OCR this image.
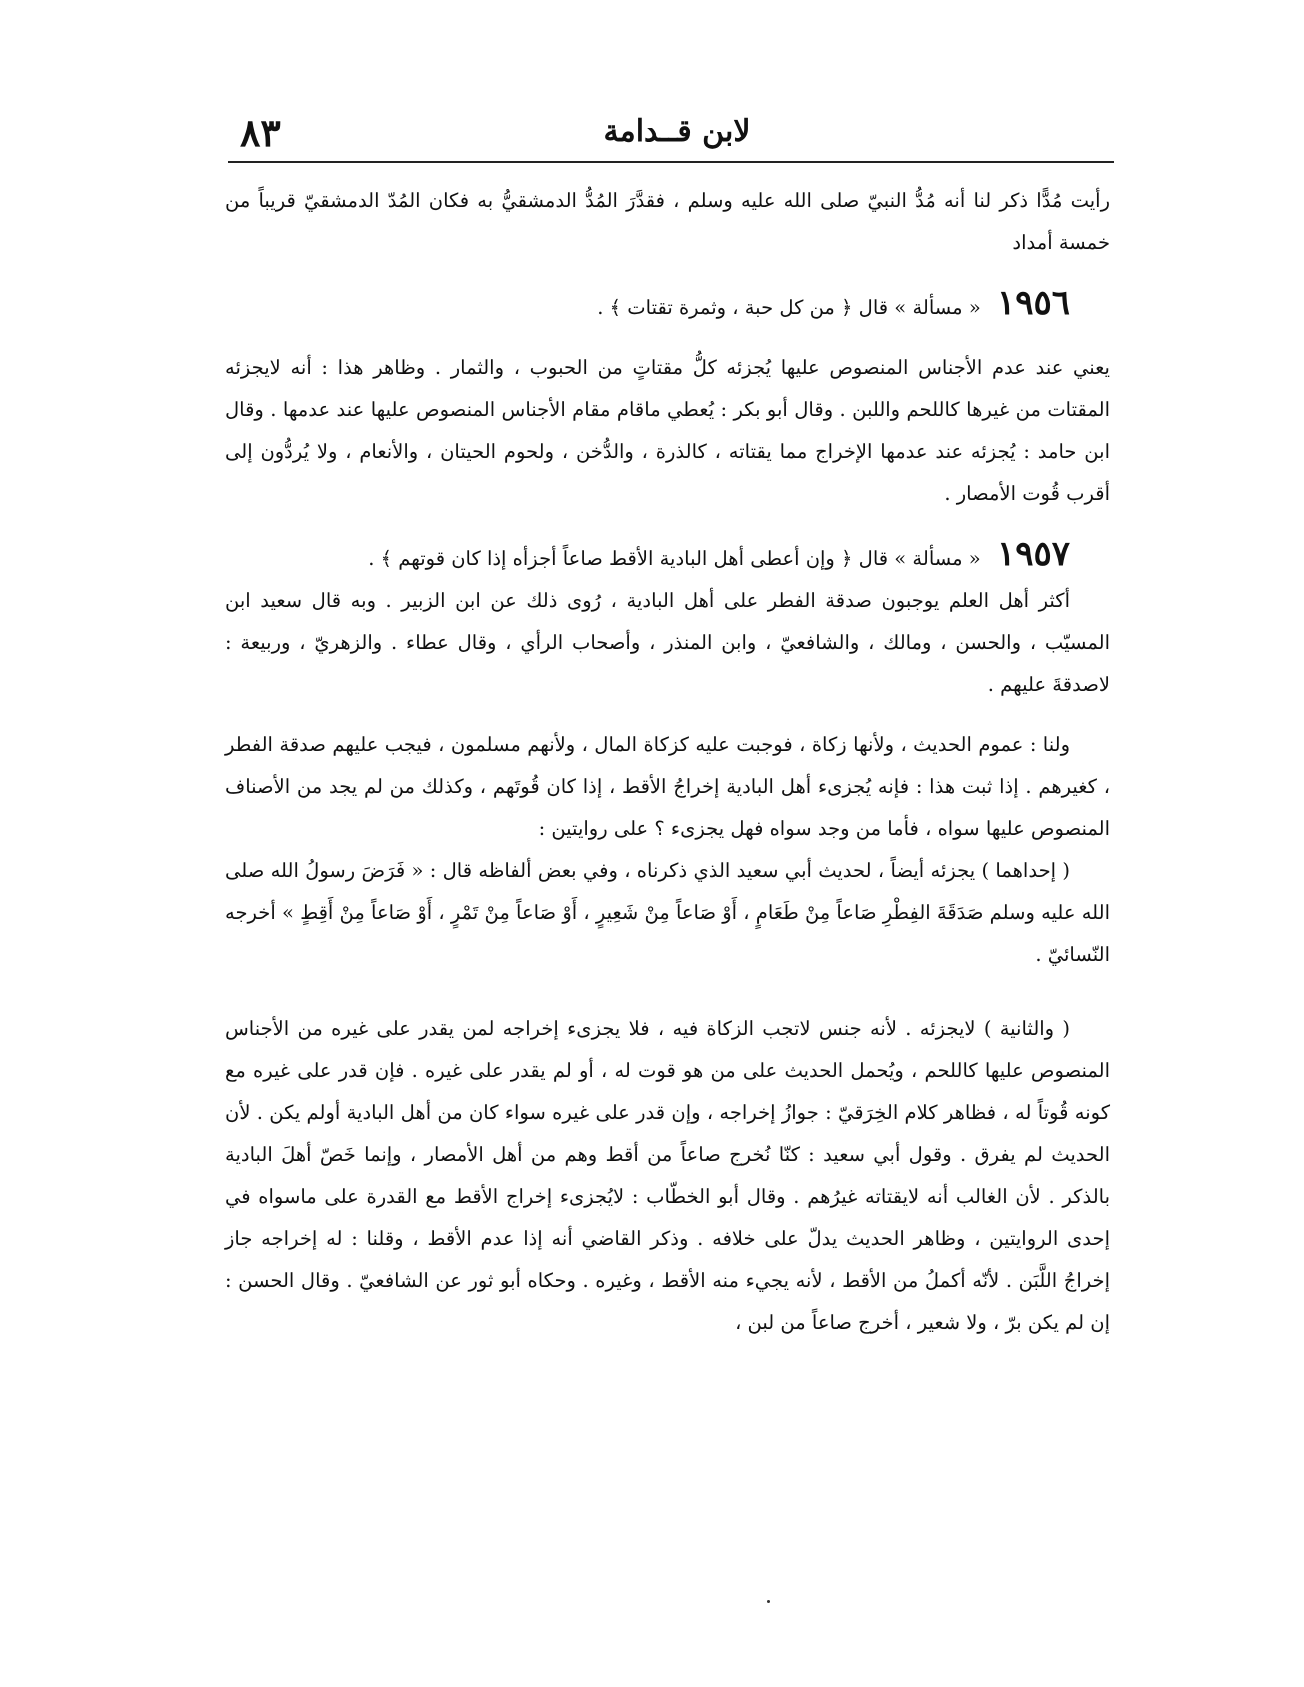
٨٣	لابن قــدامة

رأيت مُدًّا ذكر لنا أنه مُدُّ النبيّ صلى الله عليه وسلم ، فقدَّرَ المُدُّ الدمشقيُّ به فكان المُدّ الدمشقيّ قريباً من خمسة أمداد

١٩٥٦ « مسألة » قال ﴿ من كل حبة ، وثمرة تقتات ﴾ .

يعني عند عدم الأجناس المنصوص عليها يُجزئه كلُّ مقتاتٍ من الحبوب ، والثمار . وظاهر هذا : أنه لايجزئه المقتات من غيرها كاللحم واللبن . وقال أبو بكر : يُعطي ماقام مقام الأجناس المنصوص عليها عند عدمها . وقال ابن حامد : يُجزئه عند عدمها الإخراج مما يقتاته ، كالذرة ، والدُّخن ، ولحوم الحيتان ، والأنعام ، ولا يُردُّون إلى أقرب قُوت الأمصار .

١٩٥٧ « مسألة » قال ﴿ وإن أعطى أهل البادية الأقط صاعاً أجزأه إذا كان قوتهم ﴾ .

أكثر أهل العلم يوجبون صدقة الفطر على أهل البادية ، رُوى ذلك عن ابن الزبير . وبه قال سعيد ابن المسيّب ، والحسن ، ومالك ، والشافعيّ ، وابن المنذر ، وأصحاب الرأي ، وقال عطاء . والزهريّ ، وربيعة : لاصدقةَ عليهم .

ولنا : عموم الحديث ، ولأنها زكاة ، فوجبت عليه كزكاة المال ، ولأنهم مسلمون ، فيجب عليهم صدقة الفطر ، كغيرهم . إذا ثبت هذا : فإنه يُجزىء أهل البادية إخراجُ الأقط ، إذا كان قُوتَهم ، وكذلك من لم يجد من الأصناف المنصوص عليها سواه ، فأما من وجد سواه فهل يجزىء ؟ على روايتين :

( إحداهما ) يجزئه أيضاً ، لحديث أبي سعيد الذي ذكرناه ، وفي بعض ألفاظه قال : « فَرَضَ رسولُ الله صلى الله عليه وسلم صَدَقَةَ الفِطْرِ صَاعاً مِنْ طَعَامٍ ، أَوْ صَاعاً مِنْ شَعِيرٍ ، أَوْ صَاعاً مِنْ تَمْرٍ ، أَوْ صَاعاً مِنْ أَقِطٍ » أخرجه النّسائيّ .

( والثانية ) لايجزئه . لأنه جنس لاتجب الزكاة فيه ، فلا يجزىء إخراجه لمن يقدر على غيره من الأجناس المنصوص عليها كاللحم ، ويُحمل الحديث على من هو قوت له ، أو لم يقدر على غيره . فإن قدر على غيره مع كونه قُوتاً له ، فظاهر كلام الخِرَقيّ : جوازُ إخراجه ، وإن قدر على غيره سواء كان من أهل البادية أولم يكن . لأن الحديث لم يفرق . وقول أبي سعيد : كنّا نُخرج صاعاً من أقط وهم من أهل الأمصار ، وإنما خَصّ أهلَ البادية بالذكر . لأن الغالب أنه لايقتاته غيرُهم . وقال أبو الخطّاب : لايُجزىء إخراج الأقط مع القدرة على ماسواه في إحدى الروايتين ، وظاهر الحديث يدلّ على خلافه . وذكر القاضي أنه إذا عدم الأقط ، وقلنا : له إخراجه جاز إخراجُ اللَّبَن . لأنّه أكملُ من الأقط ، لأنه يجيء منه الأقط ، وغيره . وحكاه أبو ثور عن الشافعيّ . وقال الحسن : إن لم يكن برّ ، ولا شعير ، أخرج صاعاً من لبن ،
